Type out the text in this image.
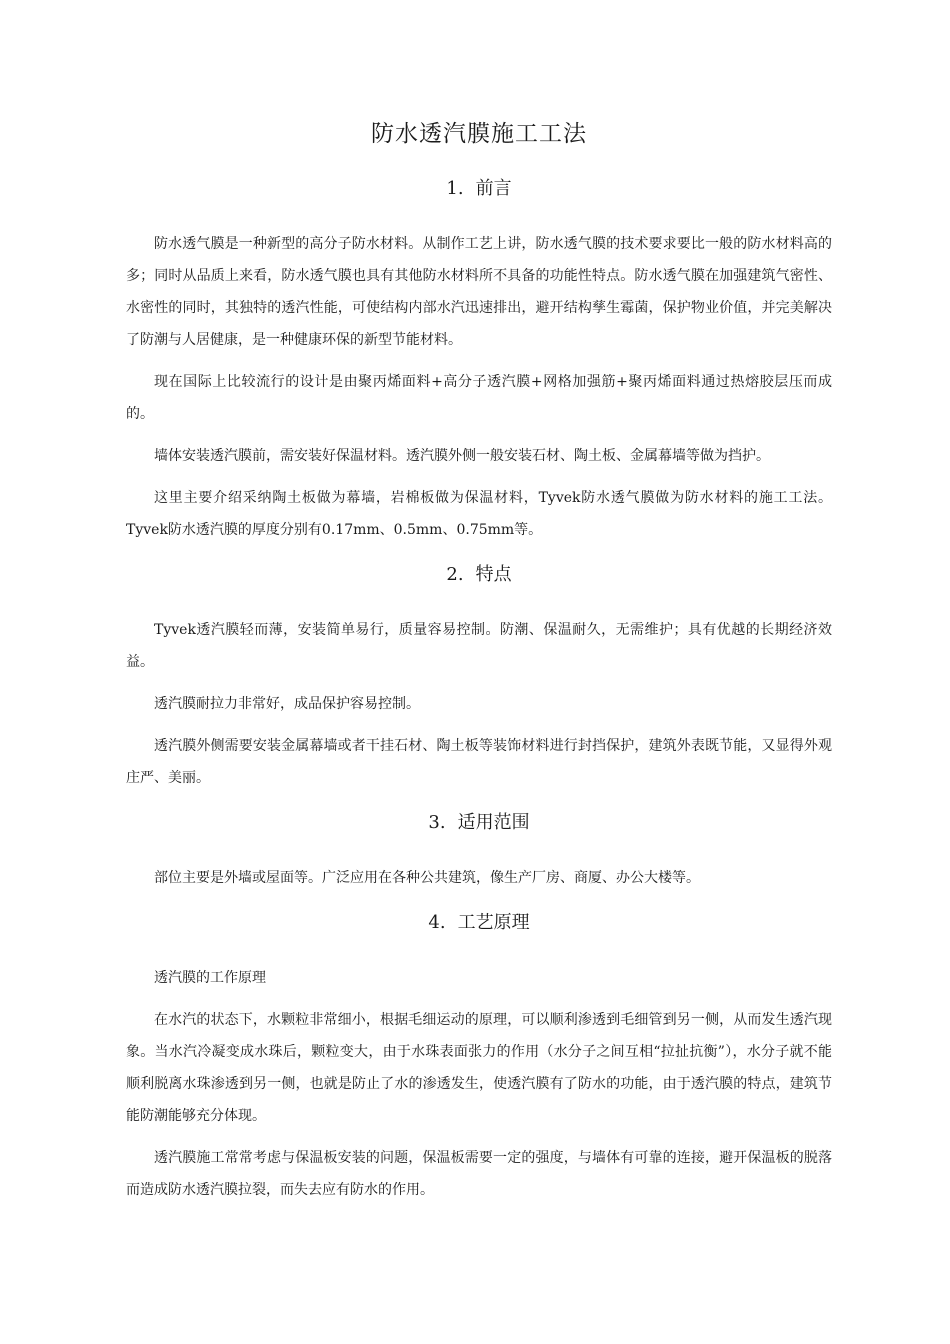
防水透汽膜施工工法
1. 前言

防水透气膜是一种新型的高分子防水材料。从制作工艺上讲，防水透气膜的技术要求要比一般的防水材料高的多；同时从品质上来看，防水透气膜也具有其他防水材料所不具备的功能性特点。防水透气膜在加强建筑气密性、水密性的同时，其独特的透汽性能，可使结构内部水汽迅速排出，避开结构孳生霉菌，保护物业价值，并完美解决了防潮与人居健康，是一种健康环保的新型节能材料。

现在国际上比较流行的设计是由聚丙烯面料+高分子透汽膜+网格加强筋+聚丙烯面料通过热熔胶层压而成的。

墙体安装透汽膜前，需安装好保温材料。透汽膜外侧一般安装石材、陶土板、金属幕墙等做为挡护。

这里主要介绍采纳陶土板做为幕墙，岩棉板做为保温材料，Tyvek防水透气膜做为防水材料的施工工法。Tyvek防水透汽膜的厚度分别有0.17mm、0.5mm、0.75mm等。

2. 特点

Tyvek透汽膜轻而薄，安装简单易行，质量容易控制。防潮、保温耐久，无需维护；具有优越的长期经济效益。

透汽膜耐拉力非常好，成品保护容易控制。

透汽膜外侧需要安装金属幕墙或者干挂石材、陶土板等装饰材料进行封挡保护，建筑外表既节能，又显得外观庄严、美丽。

3. 适用范围

部位主要是外墙或屋面等。广泛应用在各种公共建筑，像生产厂房、商厦、办公大楼等。

4. 工艺原理

透汽膜的工作原理

在水汽的状态下，水颗粒非常细小，根据毛细运动的原理，可以顺利渗透到毛细管到另一侧，从而发生透汽现象。当水汽冷凝变成水珠后，颗粒变大，由于水珠表面张力的作用（水分子之间互相“拉扯抗衡”），水分子就不能顺利脱离水珠渗透到另一侧，也就是防止了水的渗透发生，使透汽膜有了防水的功能，由于透汽膜的特点，建筑节能防潮能够充分体现。

透汽膜施工常常考虑与保温板安装的问题，保温板需要一定的强度，与墙体有可靠的连接，避开保温板的脱落而造成防水透汽膜拉裂，而失去应有防水的作用。
